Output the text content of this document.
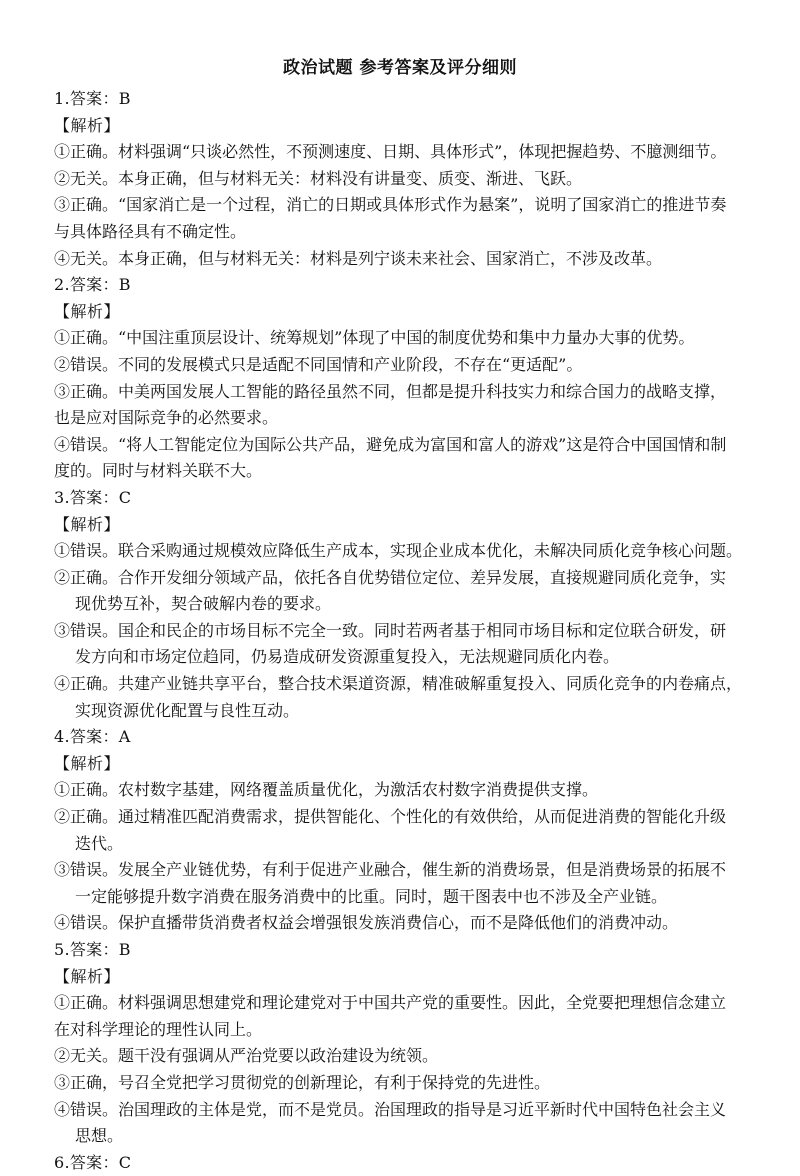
政治试题 参考答案及评分细则
1.答案：B
【解析】
①正确。材料强调“只谈必然性，不预测速度、日期、具体形式”，体现把握趋势、不臆测细节。
②无关。本身正确，但与材料无关：材料没有讲量变、质变、渐进、飞跃。
③正确。“国家消亡是一个过程，消亡的日期或具体形式作为悬案”，说明了国家消亡的推进节奏
与具体路径具有不确定性。
④无关。本身正确，但与材料无关：材料是列宁谈未来社会、国家消亡，不涉及改革。
2.答案：B
【解析】
①正确。“中国注重顶层设计、统筹规划”体现了中国的制度优势和集中力量办大事的优势。
②错误。不同的发展模式只是适配不同国情和产业阶段，不存在“更适配”。
③正确。中美两国发展人工智能的路径虽然不同，但都是提升科技实力和综合国力的战略支撑，
也是应对国际竞争的必然要求。
④错误。“将人工智能定位为国际公共产品，避免成为富国和富人的游戏”这是符合中国国情和制
度的。同时与材料关联不大。
3.答案：C
【解析】
①错误。联合采购通过规模效应降低生产成本，实现企业成本优化，未解决同质化竞争核心问题。
②正确。合作开发细分领域产品，依托各自优势错位定位、差异发展，直接规避同质化竞争，实
现优势互补，契合破解内卷的要求。
③错误。国企和民企的市场目标不完全一致。同时若两者基于相同市场目标和定位联合研发，研
发方向和市场定位趋同，仍易造成研发资源重复投入，无法规避同质化内卷。
④正确。共建产业链共享平台，整合技术渠道资源，精准破解重复投入、同质化竞争的内卷痛点，
实现资源优化配置与良性互动。
4.答案：A
【解析】
①正确。农村数字基建，网络覆盖质量优化，为激活农村数字消费提供支撑。
②正确。通过精准匹配消费需求，提供智能化、个性化的有效供给，从而促进消费的智能化升级
迭代。
③错误。发展全产业链优势，有利于促进产业融合，催生新的消费场景，但是消费场景的拓展不
一定能够提升数字消费在服务消费中的比重。同时，题干图表中也不涉及全产业链。
④错误。保护直播带货消费者权益会增强银发族消费信心，而不是降低他们的消费冲动。
5.答案：B
【解析】
①正确。材料强调思想建党和理论建党对于中国共产党的重要性。因此，全党要把理想信念建立
在对科学理论的理性认同上。
②无关。题干没有强调从严治党要以政治建设为统领。
③正确，号召全党把学习贯彻党的创新理论，有利于保持党的先进性。
④错误。治国理政的主体是党，而不是党员。治国理政的指导是习近平新时代中国特色社会主义
思想。
6.答案：C
